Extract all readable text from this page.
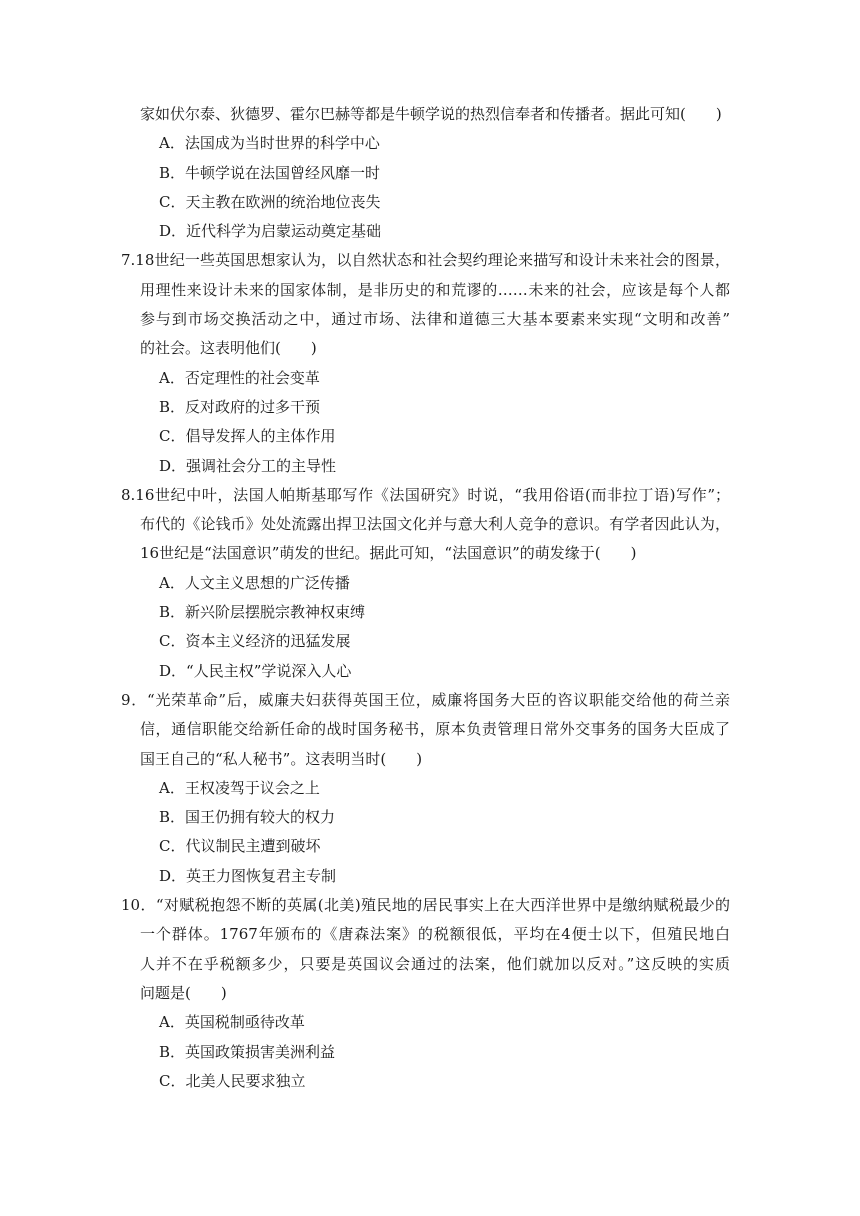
家如伏尔泰、狄德罗、霍尔巴赫等都是牛顿学说的热烈信奉者和传播者。据此可知(　　)
A．法国成为当时世界的科学中心
B．牛顿学说在法国曾经风靡一时
C．天主教在欧洲的统治地位丧失
D．近代科学为启蒙运动奠定基础
7.18世纪一些英国思想家认为，以自然状态和社会契约理论来描写和设计未来社会的图景，
用理性来设计未来的国家体制，是非历史的和荒谬的……未来的社会，应该是每个人都
参与到市场交换活动之中，通过市场、法律和道德三大基本要素来实现“文明和改善”
的社会。这表明他们(　　)
A．否定理性的社会变革
B．反对政府的过多干预
C．倡导发挥人的主体作用
D．强调社会分工的主导性
8.16世纪中叶，法国人帕斯基耶写作《法国研究》时说，“我用俗语(而非拉丁语)写作”；
布代的《论钱币》处处流露出捍卫法国文化并与意大利人竞争的意识。有学者因此认为，
16世纪是“法国意识”萌发的世纪。据此可知，“法国意识”的萌发缘于(　　)
A．人文主义思想的广泛传播
B．新兴阶层摆脱宗教神权束缚
C．资本主义经济的迅猛发展
D．“人民主权”学说深入人心
9．“光荣革命”后，威廉夫妇获得英国王位，威廉将国务大臣的咨议职能交给他的荷兰亲
信，通信职能交给新任命的战时国务秘书，原本负责管理日常外交事务的国务大臣成了
国王自己的“私人秘书”。这表明当时(　　)
A．王权凌驾于议会之上
B．国王仍拥有较大的权力
C．代议制民主遭到破坏
D．英王力图恢复君主专制
10．“对赋税抱怨不断的英属(北美)殖民地的居民事实上在大西洋世界中是缴纳赋税最少的
一个群体。1767年颁布的《唐森法案》的税额很低，平均在4便士以下，但殖民地白
人并不在乎税额多少，只要是英国议会通过的法案，他们就加以反对。”这反映的实质
问题是(　　)
A．英国税制亟待改革
B．英国政策损害美洲利益
C．北美人民要求独立
